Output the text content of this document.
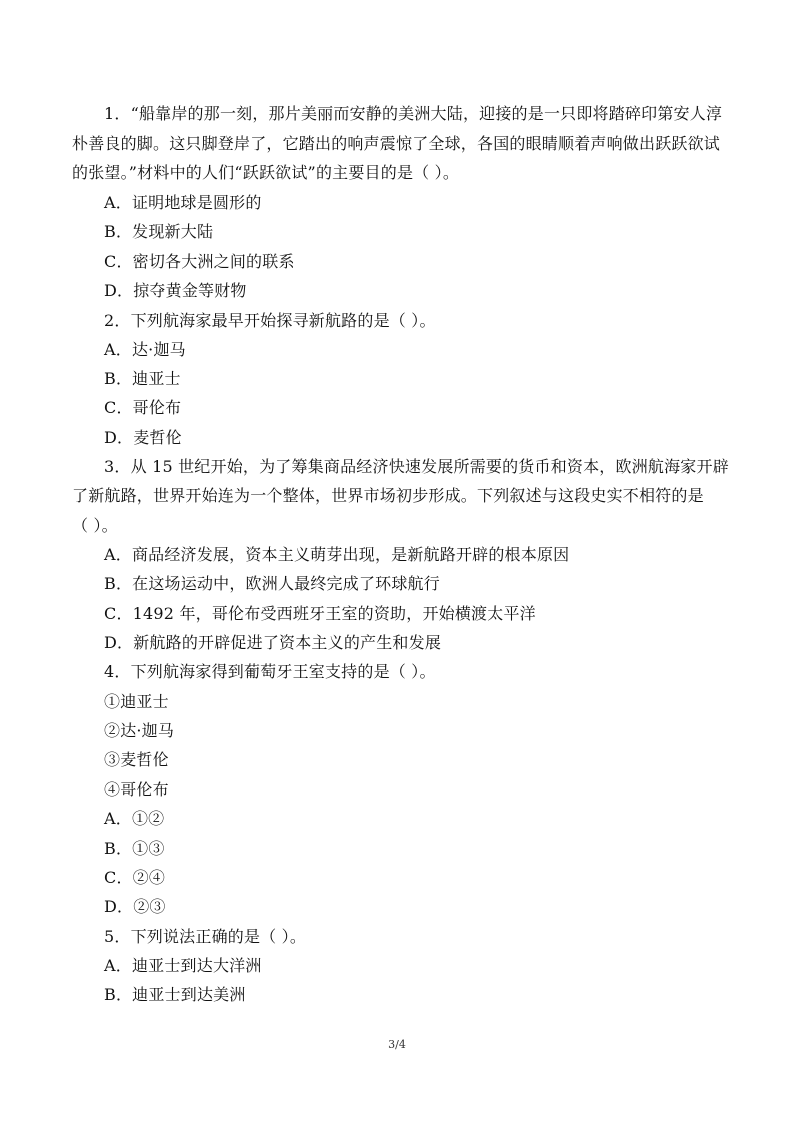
1．“船靠岸的那一刻，那片美丽而安静的美洲大陆，迎接的是一只即将踏碎印第安人淳
朴善良的脚。这只脚登岸了，它踏出的响声震惊了全球，各国的眼睛顺着声响做出跃跃欲试
的张望。”材料中的人们“跃跃欲试”的主要目的是（ ）。
A．证明地球是圆形的
B．发现新大陆
C．密切各大洲之间的联系
D．掠夺黄金等财物
2．下列航海家最早开始探寻新航路的是（ ）。
A．达·迦马
B．迪亚士
C．哥伦布
D．麦哲伦
3．从 15 世纪开始，为了筹集商品经济快速发展所需要的货币和资本，欧洲航海家开辟
了新航路，世界开始连为一个整体，世界市场初步形成。下列叙述与这段史实不相符的是
（ ）。
A．商品经济发展，资本主义萌芽出现，是新航路开辟的根本原因
B．在这场运动中，欧洲人最终完成了环球航行
C．1492 年，哥伦布受西班牙王室的资助，开始横渡太平洋
D．新航路的开辟促进了资本主义的产生和发展
4．下列航海家得到葡萄牙王室支持的是（ ）。
①迪亚士
②达·迦马
③麦哲伦
④哥伦布
A．①②
B．①③
C．②④
D．②③
5．下列说法正确的是（ ）。
A．迪亚士到达大洋洲
B．迪亚士到达美洲
3/4
